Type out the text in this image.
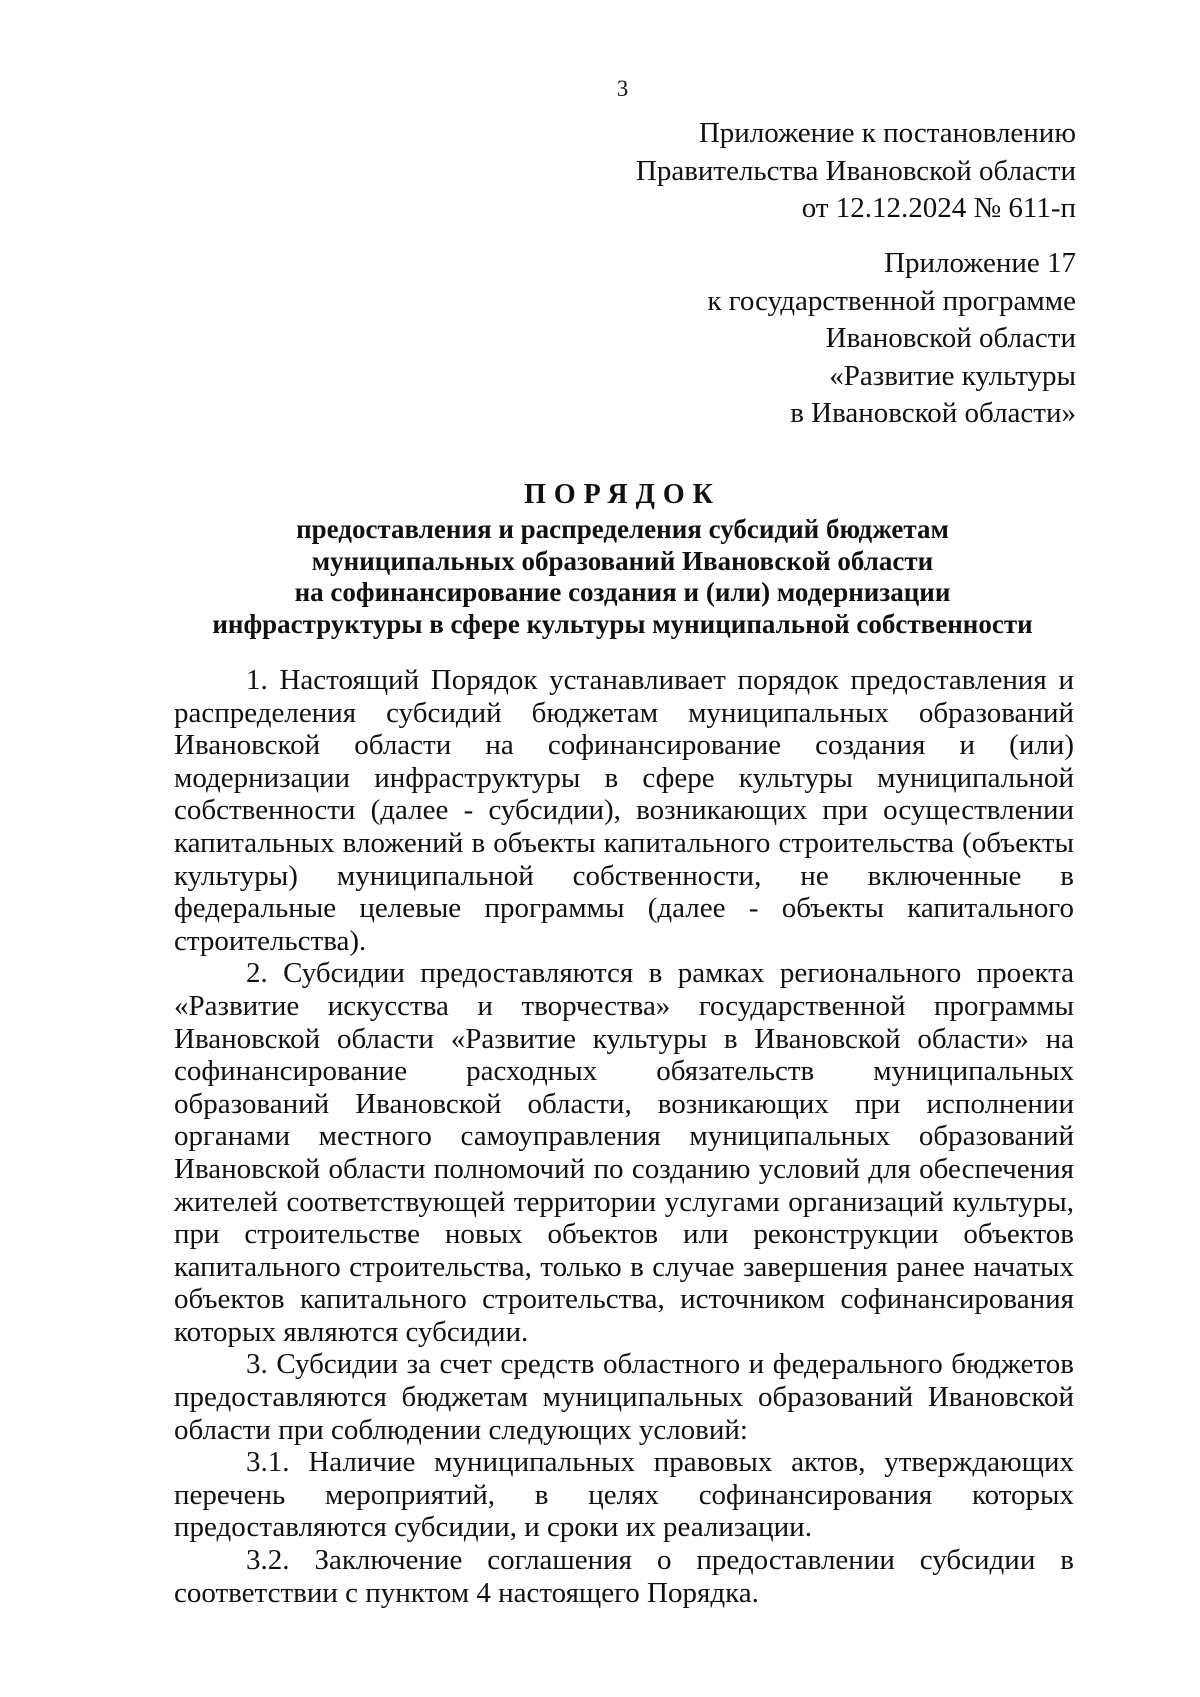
3
Приложение к постановлению
Правительства Ивановской области
от 12.12.2024 № 611-п
Приложение 17
к государственной программе
Ивановской области
«Развитие культуры
в Ивановской области»
ПОРЯДОК
предоставления и распределения субсидий бюджетам
муниципальных образований Ивановской области
на софинансирование создания и (или) модернизации
инфраструктуры в сфере культуры муниципальной собственности

1. Настоящий Порядок устанавливает порядок предоставления и распределения субсидий бюджетам муниципальных образований Ивановской области на софинансирование создания и (или) модернизации инфраструктуры в сфере культуры муниципальной собственности (далее - субсидии), возникающих при осуществлении капитальных вложений в объекты капитального строительства (объекты культуры) муниципальной собственности, не включенные в федеральные целевые программы (далее - объекты капитального строительства).

2. Субсидии предоставляются в рамках регионального проекта «Развитие искусства и творчества» государственной программы Ивановской области «Развитие культуры в Ивановской области» на софинансирование расходных обязательств муниципальных образований Ивановской области, возникающих при исполнении органами местного самоуправления муниципальных образований Ивановской области полномочий по созданию условий для обеспечения жителей соответствующей территории услугами организаций культуры, при строительстве новых объектов или реконструкции объектов капитального строительства, только в случае завершения ранее начатых объектов капитального строительства, источником софинансирования которых являются субсидии.

3. Субсидии за счет средств областного и федерального бюджетов предоставляются бюджетам муниципальных образований Ивановской области при соблюдении следующих условий:

3.1. Наличие муниципальных правовых актов, утверждающих перечень мероприятий, в целях софинансирования которых предоставляются субсидии, и сроки их реализации.

3.2. Заключение соглашения о предоставлении субсидии в соответствии с пунктом 4 настоящего Порядка.
